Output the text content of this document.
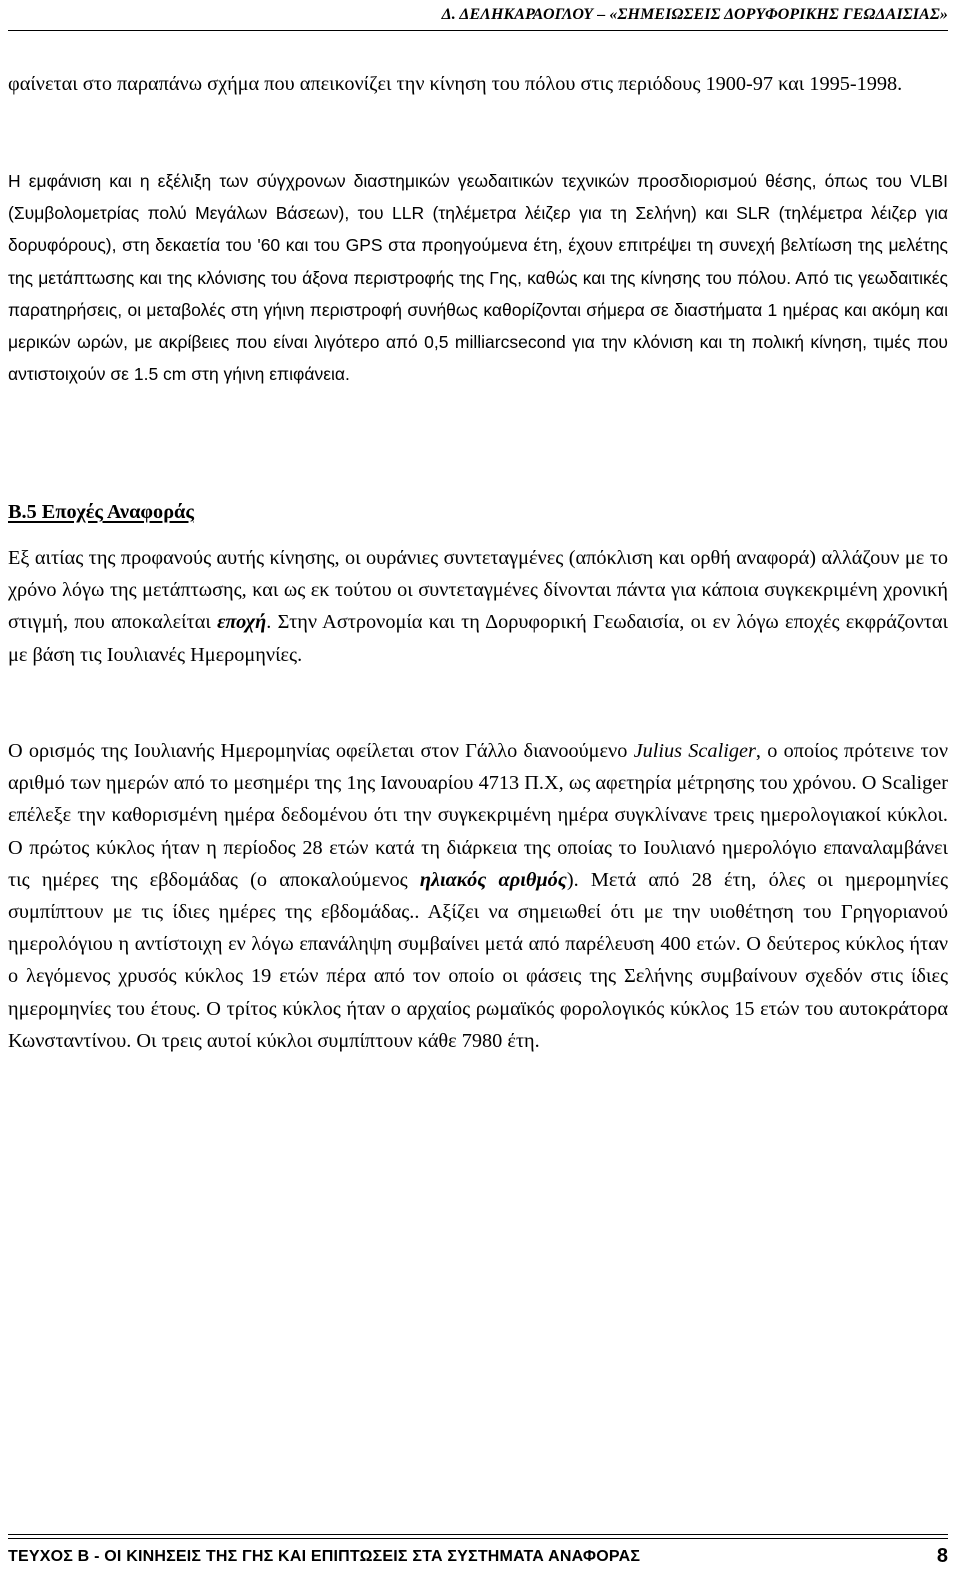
Δ. ΔΕΛΗΚΑΡΑΟΓΛΟΥ – «ΣΗΜΕΙΩΣΕΙΣ ΔΟΡΥΦΟΡΙΚΗΣ ΓΕΩΔΑΙΣΙΑΣ»

φαίνεται στο παραπάνω σχήμα που απεικονίζει την κίνηση του πόλου στις περιόδους 1900-97 και 1995-1998.

Η εμφάνιση και η εξέλιξη των σύγχρονων διαστημικών γεωδαιτικών τεχνικών προσδιορισμού θέσης, όπως του VLBI (Συμβολομετρίας πολύ Μεγάλων Βάσεων), του LLR (τηλέμετρα λέιζερ για τη Σελήνη) και SLR (τηλέμετρα λέιζερ για δορυφόρους), στη δεκαετία του '60 και του GPS στα προηγούμενα έτη, έχουν επιτρέψει τη συνεχή βελτίωση της μελέτης της μετάπτωσης και της κλόνισης του άξονα περιστροφής της Γης, καθώς και της κίνησης του πόλου. Από τις γεωδαιτικές παρατηρήσεις, οι μεταβολές στη γήινη περιστροφή συνήθως καθορίζονται σήμερα σε διαστήματα 1 ημέρας και ακόμη και μερικών ωρών, με ακρίβειες που είναι λιγότερο από 0,5 milliarcsecond για την κλόνιση και τη πολική κίνηση, τιμές που αντιστοιχούν σε 1.5 cm στη γήινη επιφάνεια.

Β.5 Εποχές Αναφοράς

Εξ αιτίας της προφανούς αυτής κίνησης, οι ουράνιες συντεταγμένες (απόκλιση και ορθή αναφορά) αλλάζουν με το χρόνο λόγω της μετάπτωσης, και ως εκ τούτου οι συντεταγμένες δίνονται πάντα για κάποια συγκεκριμένη χρονική στιγμή, που αποκαλείται εποχή. Στην Αστρονομία και τη Δορυφορική Γεωδαισία, οι εν λόγω εποχές εκφράζονται με βάση τις Ιουλιανές Ημερομηνίες.

Ο ορισμός της Ιουλιανής Ημερομηνίας οφείλεται στον Γάλλο διανοούμενο Julius Scaliger, ο οποίος πρότεινε τον αριθμό των ημερών από το μεσημέρι της 1ης Ιανουαρίου 4713 Π.Χ, ως αφετηρία μέτρησης του χρόνου. Ο Scaliger επέλεξε την καθορισμένη ημέρα δεδομένου ότι την συγκεκριμένη ημέρα συγκλίνανε τρεις ημερολογιακοί κύκλοι. Ο πρώτος κύκλος ήταν η περίοδος 28 ετών κατά τη διάρκεια της οποίας το Ιουλιανό ημερολόγιο επαναλαμβάνει τις ημέρες της εβδομάδας (ο αποκαλούμενος ηλιακός αριθμός). Μετά από 28 έτη, όλες οι ημερομηνίες συμπίπτουν με τις ίδιες ημέρες της εβδομάδας.. Αξίζει να σημειωθεί ότι με την υιοθέτηση του Γρηγοριανού ημερολόγιου η αντίστοιχη εν λόγω επανάληψη συμβαίνει μετά από παρέλευση 400 ετών. Ο δεύτερος κύκλος ήταν ο λεγόμενος χρυσός κύκλος 19 ετών πέρα από τον οποίο οι φάσεις της Σελήνης συμβαίνουν σχεδόν στις ίδιες ημερομηνίες του έτους. Ο τρίτος κύκλος ήταν ο αρχαίος ρωμαϊκός φορολογικός κύκλος 15 ετών του αυτοκράτορα Κωνσταντίνου. Οι τρεις αυτοί κύκλοι συμπίπτουν κάθε 7980 έτη.

ΤΕΥΧΟΣ Β - ΟΙ ΚΙΝΗΣΕΙΣ ΤΗΣ ΓΗΣ ΚΑΙ ΕΠΙΠΤΩΣΕΙΣ ΣΤΑ ΣΥΣΤΗΜΑΤΑ ΑΝΑΦΟΡΑΣ	8
